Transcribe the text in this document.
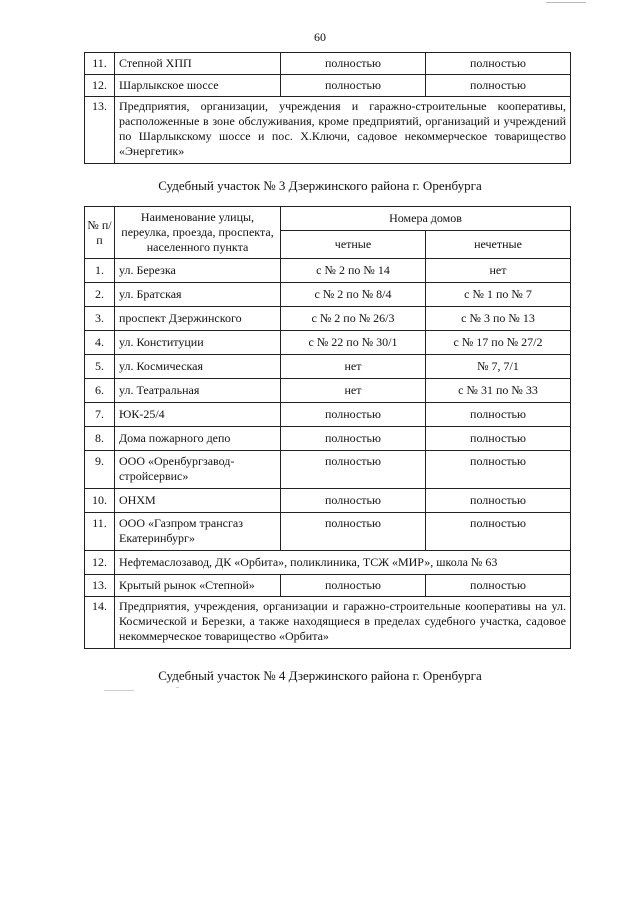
60
11.	Степной ХПП	полностью	полностью
12.	Шарлыкское шоссе	полностью	полностью
13.	Предприятия, организации, учреждения и гаражно-строительные кооперативы, расположенные в зоне обслуживания, кроме предприятий, организаций и учреждений по Шарлыкскому шоссе и пос. Х.Ключи, садовое некоммерческое товарищество «Энергетик»		
Судебный участок № 3 Дзержинского района г. Оренбурга
№ п/п	Наименование улицы, переулка, проезда, проспекта, населенного пункта	Номера домов	
		четные	нечетные
1.	ул. Березка	с № 2 по № 14	нет
2.	ул. Братская	с № 2 по № 8/4	с № 1 по № 7
3.	проспект Дзержинского	с № 2 по № 26/3	с № 3 по № 13
4.	ул. Конституции	с № 22 по № 30/1	с № 17 по № 27/2
5.	ул. Космическая	нет	№ 7, 7/1
6.	ул. Театральная	нет	с № 31 по № 33
7.	ЮК-25/4	полностью	полностью
8.	Дома пожарного депо	полностью	полностью
9.	ООО «Оренбургзавод-стройсервис»	полностью	полностью
10.	ОНХМ	полностью	полностью
11.	ООО «Газпром трансгаз Екатеринбург»	полностью	полностью
12.	Нефтемаслозавод, ДК «Орбита», поликлиника, ТСЖ «МИР», школа № 63		
13.	Крытый рынок «Степной»	полностью	полностью
14.	Предприятия, учреждения, организации и гаражно-строительные кооперативы на ул. Космической и Березки, а также находящиеся в пределах судебного участка, садовое некоммерческое товарищество «Орбита»		
Судебный участок № 4 Дзержинского района г. Оренбурга
